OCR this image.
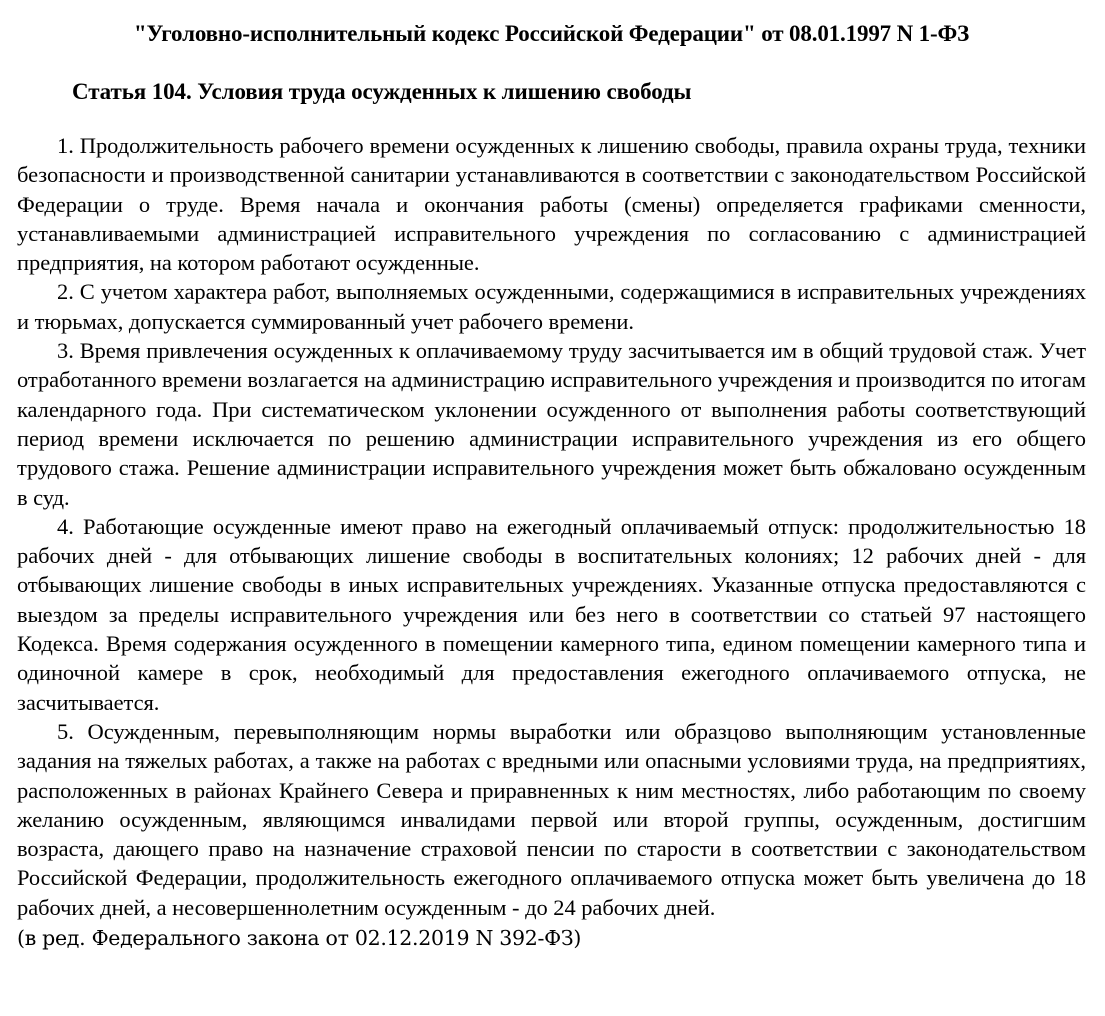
"Уголовно-исполнительный кодекс Российской Федерации" от 08.01.1997 N 1-ФЗ
Статья 104. Условия труда осужденных к лишению свободы

1. Продолжительность рабочего времени осужденных к лишению свободы, правила охраны труда, техники безопасности и производственной санитарии устанавливаются в соответствии с законодательством Российской Федерации о труде. Время начала и окончания работы (смены) определяется графиками сменности, устанавливаемыми администрацией исправительного учреждения по согласованию с администрацией предприятия, на котором работают осужденные.

2. С учетом характера работ, выполняемых осужденными, содержащимися в исправительных учреждениях и тюрьмах, допускается суммированный учет рабочего времени.

3. Время привлечения осужденных к оплачиваемому труду засчитывается им в общий трудовой стаж. Учет отработанного времени возлагается на администрацию исправительного учреждения и производится по итогам календарного года. При систематическом уклонении осужденного от выполнения работы соответствующий период времени исключается по решению администрации исправительного учреждения из его общего трудового стажа. Решение администрации исправительного учреждения может быть обжаловано осужденным в суд.

4. Работающие осужденные имеют право на ежегодный оплачиваемый отпуск: продолжительностью 18 рабочих дней - для отбывающих лишение свободы в воспитательных колониях; 12 рабочих дней - для отбывающих лишение свободы в иных исправительных учреждениях. Указанные отпуска предоставляются с выездом за пределы исправительного учреждения или без него в соответствии со статьей 97 настоящего Кодекса. Время содержания осужденного в помещении камерного типа, едином помещении камерного типа и одиночной камере в срок, необходимый для предоставления ежегодного оплачиваемого отпуска, не засчитывается.

5. Осужденным, перевыполняющим нормы выработки или образцово выполняющим установленные задания на тяжелых работах, а также на работах с вредными или опасными условиями труда, на предприятиях, расположенных в районах Крайнего Севера и приравненных к ним местностях, либо работающим по своему желанию осужденным, являющимся инвалидами первой или второй группы, осужденным, достигшим возраста, дающего право на назначение страховой пенсии по старости в соответствии с законодательством Российской Федерации, продолжительность ежегодного оплачиваемого отпуска может быть увеличена до 18 рабочих дней, а несовершеннолетним осужденным - до 24 рабочих дней.

(в ред. Федерального закона от 02.12.2019 N 392-ФЗ)
